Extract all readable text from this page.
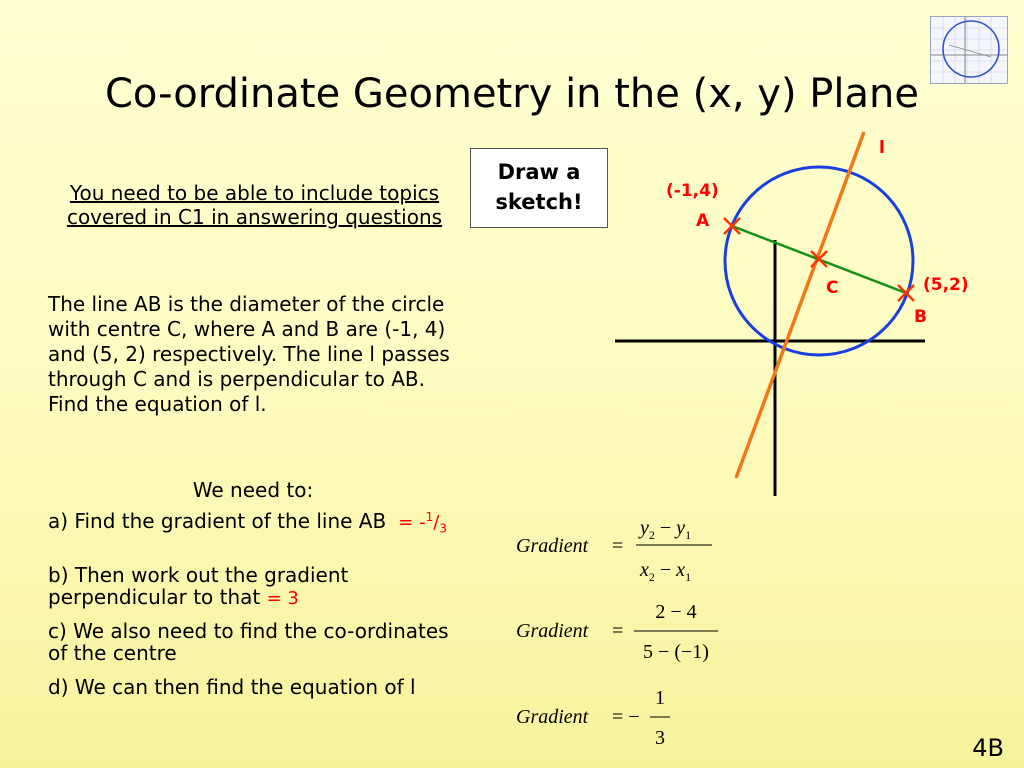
Co-ordinate Geometry in the (x, y) Plane
You need to be able to include topics covered in C1 in answering questions
The line AB is the diameter of the circle with centre C, where A and B are (-1, 4) and (5, 2) respectively. The line l passes through C and is perpendicular to AB. Find the equation of l.
We need to:
a) Find the gradient of the line AB = $-^1/_3$
b) Then work out the gradient perpendicular to that = 3
c) We also need to find the co-ordinates of the centre
d) We can then find the equation of l
Draw a
sketch!
l
(-1,4)
A
C	(5,2)
B
Gradient =
$y_2 - y_1$
$x_2 - x_1$
Gradient =
2 − 4
5 − (−1)
Gradient = −
1
3	4B
